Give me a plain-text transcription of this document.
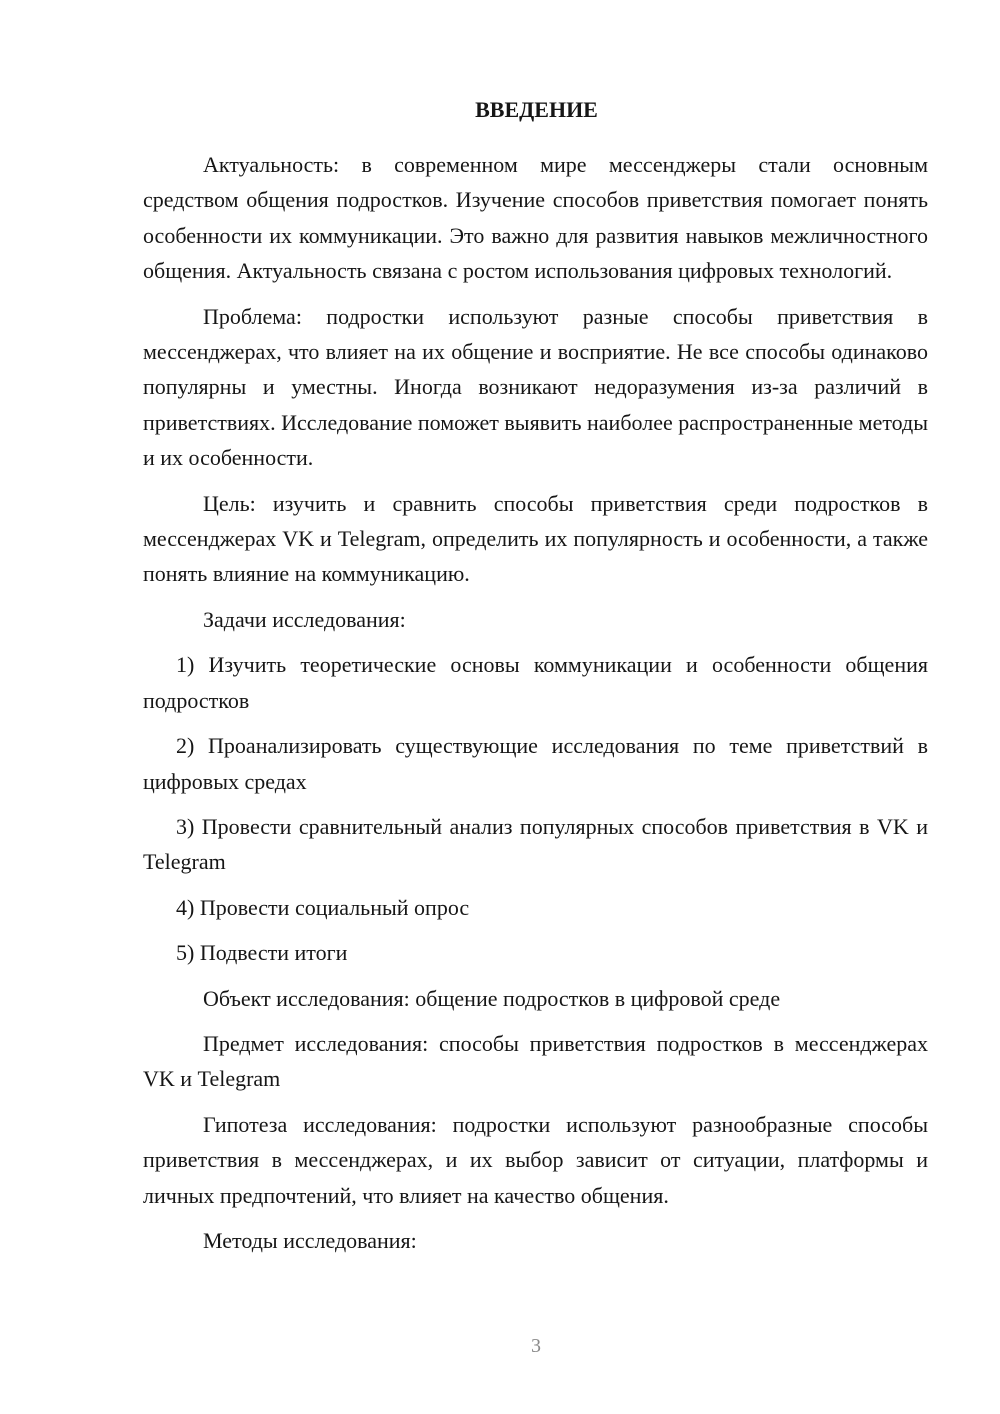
ВВЕДЕНИЕ

Актуальность: в современном мире мессенджеры стали основным средством общения подростков. Изучение способов приветствия помогает понять особенности их коммуникации. Это важно для развития навыков межличностного общения. Актуальность связана с ростом использования цифровых технологий.

Проблема: подростки используют разные способы приветствия в мессенджерах, что влияет на их общение и восприятие. Не все способы одинаково популярны и уместны. Иногда возникают недоразумения из-за различий в приветствиях. Исследование поможет выявить наиболее распространенные методы и их особенности.

Цель: изучить и сравнить способы приветствия среди подростков в мессенджерах VK и Telegram, определить их популярность и особенности, а также понять влияние на коммуникацию.

Задачи исследования:

1) Изучить теоретические основы коммуникации и особенности общения подростков

2) Проанализировать существующие исследования по теме приветствий в цифровых средах

3) Провести сравнительный анализ популярных способов приветствия в VK и Telegram

4) Провести социальный опрос

5) Подвести итоги

Объект исследования: общение подростков в цифровой среде

Предмет исследования: способы приветствия подростков в мессенджерах VK и Telegram

Гипотеза исследования: подростки используют разнообразные способы приветствия в мессенджерах, и их выбор зависит от ситуации, платформы и личных предпочтений, что влияет на качество общения.

Методы исследования:

3
